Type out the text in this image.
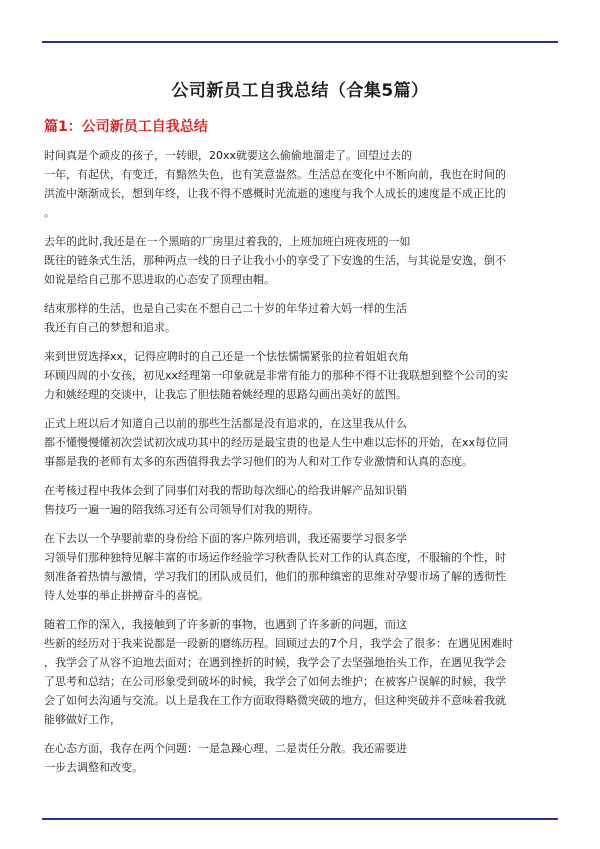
公司新员工自我总结（合集5篇）
篇1：公司新员工自我总结

时间真是个顽皮的孩子，一转眼，20xx就要这么偷偷地溜走了。回望过去的
一年，有起伏，有变迁，有黯然失色，也有笑意盎然。生活总在变化中不断向前，我也在时间的
洪流中渐渐成长，想到年终，让我不得不感概时光流逝的速度与我个人成长的速度是不成正比的
。

去年的此时,我还是在一个黑暗的厂房里过着我的，上班加班白班夜班的一如
既往的链条式生活，那种两点一线的日子让我小小的享受了下安逸的生活，与其说是安逸，倒不
如说是给自己那不思进取的心态安了顶理由帽。

结束那样的生活，也是自己实在不想自己二十岁的年华过着大妈一样的生活
我还有自己的梦想和追求。

来到世贸选择xx，记得应聘时的自己还是一个怯怯懦懦紧张的拉着姐姐衣角
环顾四周的小女孩，初见xx经理第一印象就是非常有能力的那种不得不让我联想到整个公司的实
力和姚经理的交谈中，让我忘了胆怯随着姚经理的思路勾画出美好的蓝图。

正式上班以后才知道自己以前的那些生活都是没有追求的，在这里我从什么
都不懂慢慢懂初次尝试初次成功其中的经历是最宝贵的也是人生中难以忘怀的开始，在xx每位同
事都是我的老师有太多的东西值得我去学习他们的为人和对工作专业激情和认真的态度。

在考核过程中我体会到了同事们对我的帮助每次细心的给我讲解产品知识销
售技巧一遍一遍的陪我练习还有公司领导们对我的期待。

在下去以一个孕婴前辈的身份给下面的客户陈列培训，我还需要学习很多学
习领导们那种独特见解丰富的市场运作经验学习秋香队长对工作的认真态度，不服输的个性，时
刻准备着热情与激情，学习我们的团队成员们，他们的那种缜密的思维对孕婴市场了解的透彻性
待人处事的举止拼搏奋斗的喜悦。

随着工作的深入，我接触到了许多新的事物，也遇到了许多新的问题，而这
些新的经历对于我来说都是一段新的磨练历程。回顾过去的7个月，我学会了很多：在遇见困难时
，我学会了从容不迫地去面对；在遇到挫折的时候，我学会了去坚强地抬头工作，在遇见我学会
了思考和总结；在公司形象受到破坏的时候，我学会了如何去维护；在被客户误解的时候，我学
会了如何去沟通与交流。以上是我在工作方面取得略微突破的地方，但这种突破并不意味着我就
能够做好工作，

在心态方面，我存在两个问题：一是急躁心理、二是责任分散。我还需要进
一步去调整和改变。
